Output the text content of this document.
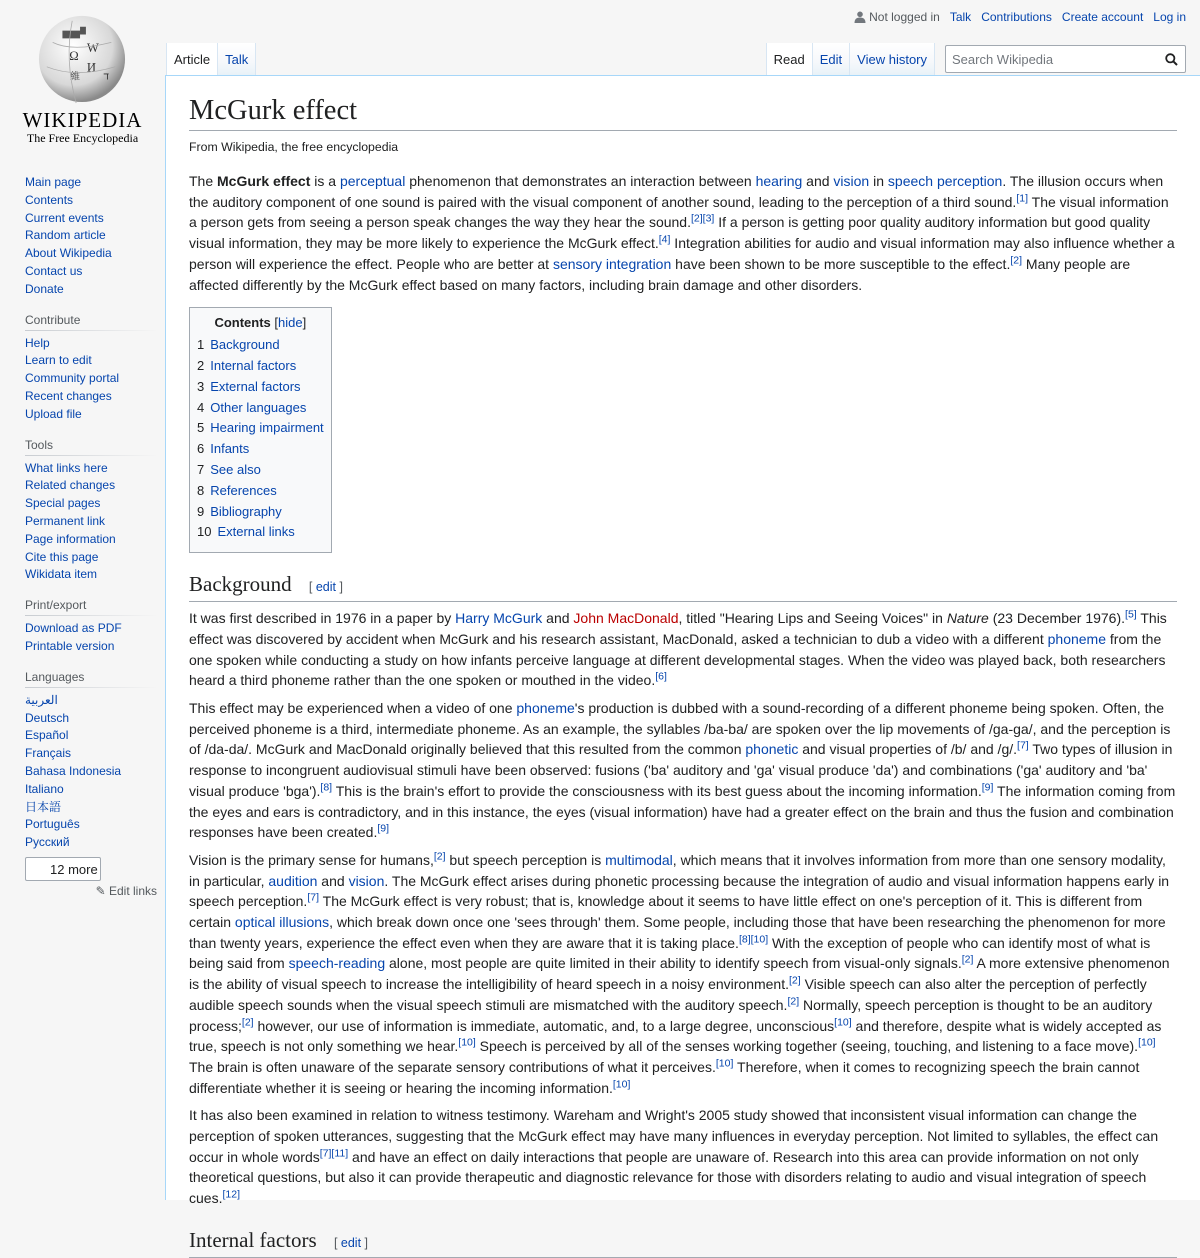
Ω
W
И
維 ד
WIKIPEDIA
The Free Encyclopedia
Not logged in Talk Contributions Create account Log in
Article	Talk	Read	Edit	View history	Search Wikipedia
Main page
Contents
Current events
Random article
About Wikipedia
Contact us
Donate
Contribute
Help
Learn to edit
Community portal
Recent changes
Upload file
Tools
What links here
Related changes
Special pages
Permanent link
Page information
Cite this page
Wikidata item
Print/export
Download as PDF
Printable version
Languages
العربية
Deutsch
Español
Français
Bahasa Indonesia
Italiano
日本語
Português
Русский
12 more
✎ Edit links
McGurk effect
From Wikipedia, the free encyclopedia

The McGurk effect is a perceptual phenomenon that demonstrates an interaction between hearing and vision in speech perception. The illusion occurs when the auditory component of one sound is paired with the visual component of another sound, leading to the perception of a third sound.[1] The visual information a person gets from seeing a person speak changes the way they hear the sound.[2][3] If a person is getting poor quality auditory information but good quality visual information, they may be more likely to experience the McGurk effect.[4] Integration abilities for audio and visual information may also influence whether a person will experience the effect. People who are better at sensory integration have been shown to be more susceptible to the effect.[2] Many people are affected differently by the McGurk effect based on many factors, including brain damage and other disorders.

Contents [hide]
1 Background
2 Internal factors
3 External factors
4 Other languages
5 Hearing impairment
6 Infants
7 See also
8 References
9 Bibliography
10 External links
Background [ edit ]

It was first described in 1976 in a paper by Harry McGurk and John MacDonald, titled "Hearing Lips and Seeing Voices" in Nature (23 December 1976).[5] This effect was discovered by accident when McGurk and his research assistant, MacDonald, asked a technician to dub a video with a different phoneme from the one spoken while conducting a study on how infants perceive language at different developmental stages. When the video was played back, both researchers heard a third phoneme rather than the one spoken or mouthed in the video.[6]

This effect may be experienced when a video of one phoneme's production is dubbed with a sound-recording of a different phoneme being spoken. Often, the perceived phoneme is a third, intermediate phoneme. As an example, the syllables /ba-ba/ are spoken over the lip movements of /ga-ga/, and the perception is of /da-da/. McGurk and MacDonald originally believed that this resulted from the common phonetic and visual properties of /b/ and /g/.[7] Two types of illusion in response to incongruent audiovisual stimuli have been observed: fusions ('ba' auditory and 'ga' visual produce 'da') and combinations ('ga' auditory and 'ba' visual produce 'bga').[8] This is the brain's effort to provide the consciousness with its best guess about the incoming information.[9] The information coming from the eyes and ears is contradictory, and in this instance, the eyes (visual information) have had a greater effect on the brain and thus the fusion and combination responses have been created.[9]

Vision is the primary sense for humans,[2] but speech perception is multimodal, which means that it involves information from more than one sensory modality, in particular, audition and vision. The McGurk effect arises during phonetic processing because the integration of audio and visual information happens early in speech perception.[7] The McGurk effect is very robust; that is, knowledge about it seems to have little effect on one's perception of it. This is different from certain optical illusions, which break down once one 'sees through' them. Some people, including those that have been researching the phenomenon for more than twenty years, experience the effect even when they are aware that it is taking place.[8][10] With the exception of people who can identify most of what is being said from speech-reading alone, most people are quite limited in their ability to identify speech from visual-only signals.[2] A more extensive phenomenon is the ability of visual speech to increase the intelligibility of heard speech in a noisy environment.[2] Visible speech can also alter the perception of perfectly audible speech sounds when the visual speech stimuli are mismatched with the auditory speech.[2] Normally, speech perception is thought to be an auditory process;[2] however, our use of information is immediate, automatic, and, to a large degree, unconscious[10] and therefore, despite what is widely accepted as true, speech is not only something we hear.[10] Speech is perceived by all of the senses working together (seeing, touching, and listening to a face move).[10] The brain is often unaware of the separate sensory contributions of what it perceives.[10] Therefore, when it comes to recognizing speech the brain cannot differentiate whether it is seeing or hearing the incoming information.[10]

It has also been examined in relation to witness testimony. Wareham and Wright's 2005 study showed that inconsistent visual information can change the perception of spoken utterances, suggesting that the McGurk effect may have many influences in everyday perception. Not limited to syllables, the effect can occur in whole words[7][11] and have an effect on daily interactions that people are unaware of. Research into this area can provide information on not only theoretical questions, but also it can provide therapeutic and diagnostic relevance for those with disorders relating to audio and visual integration of speech cues.[12]

Internal factors [ edit ]
